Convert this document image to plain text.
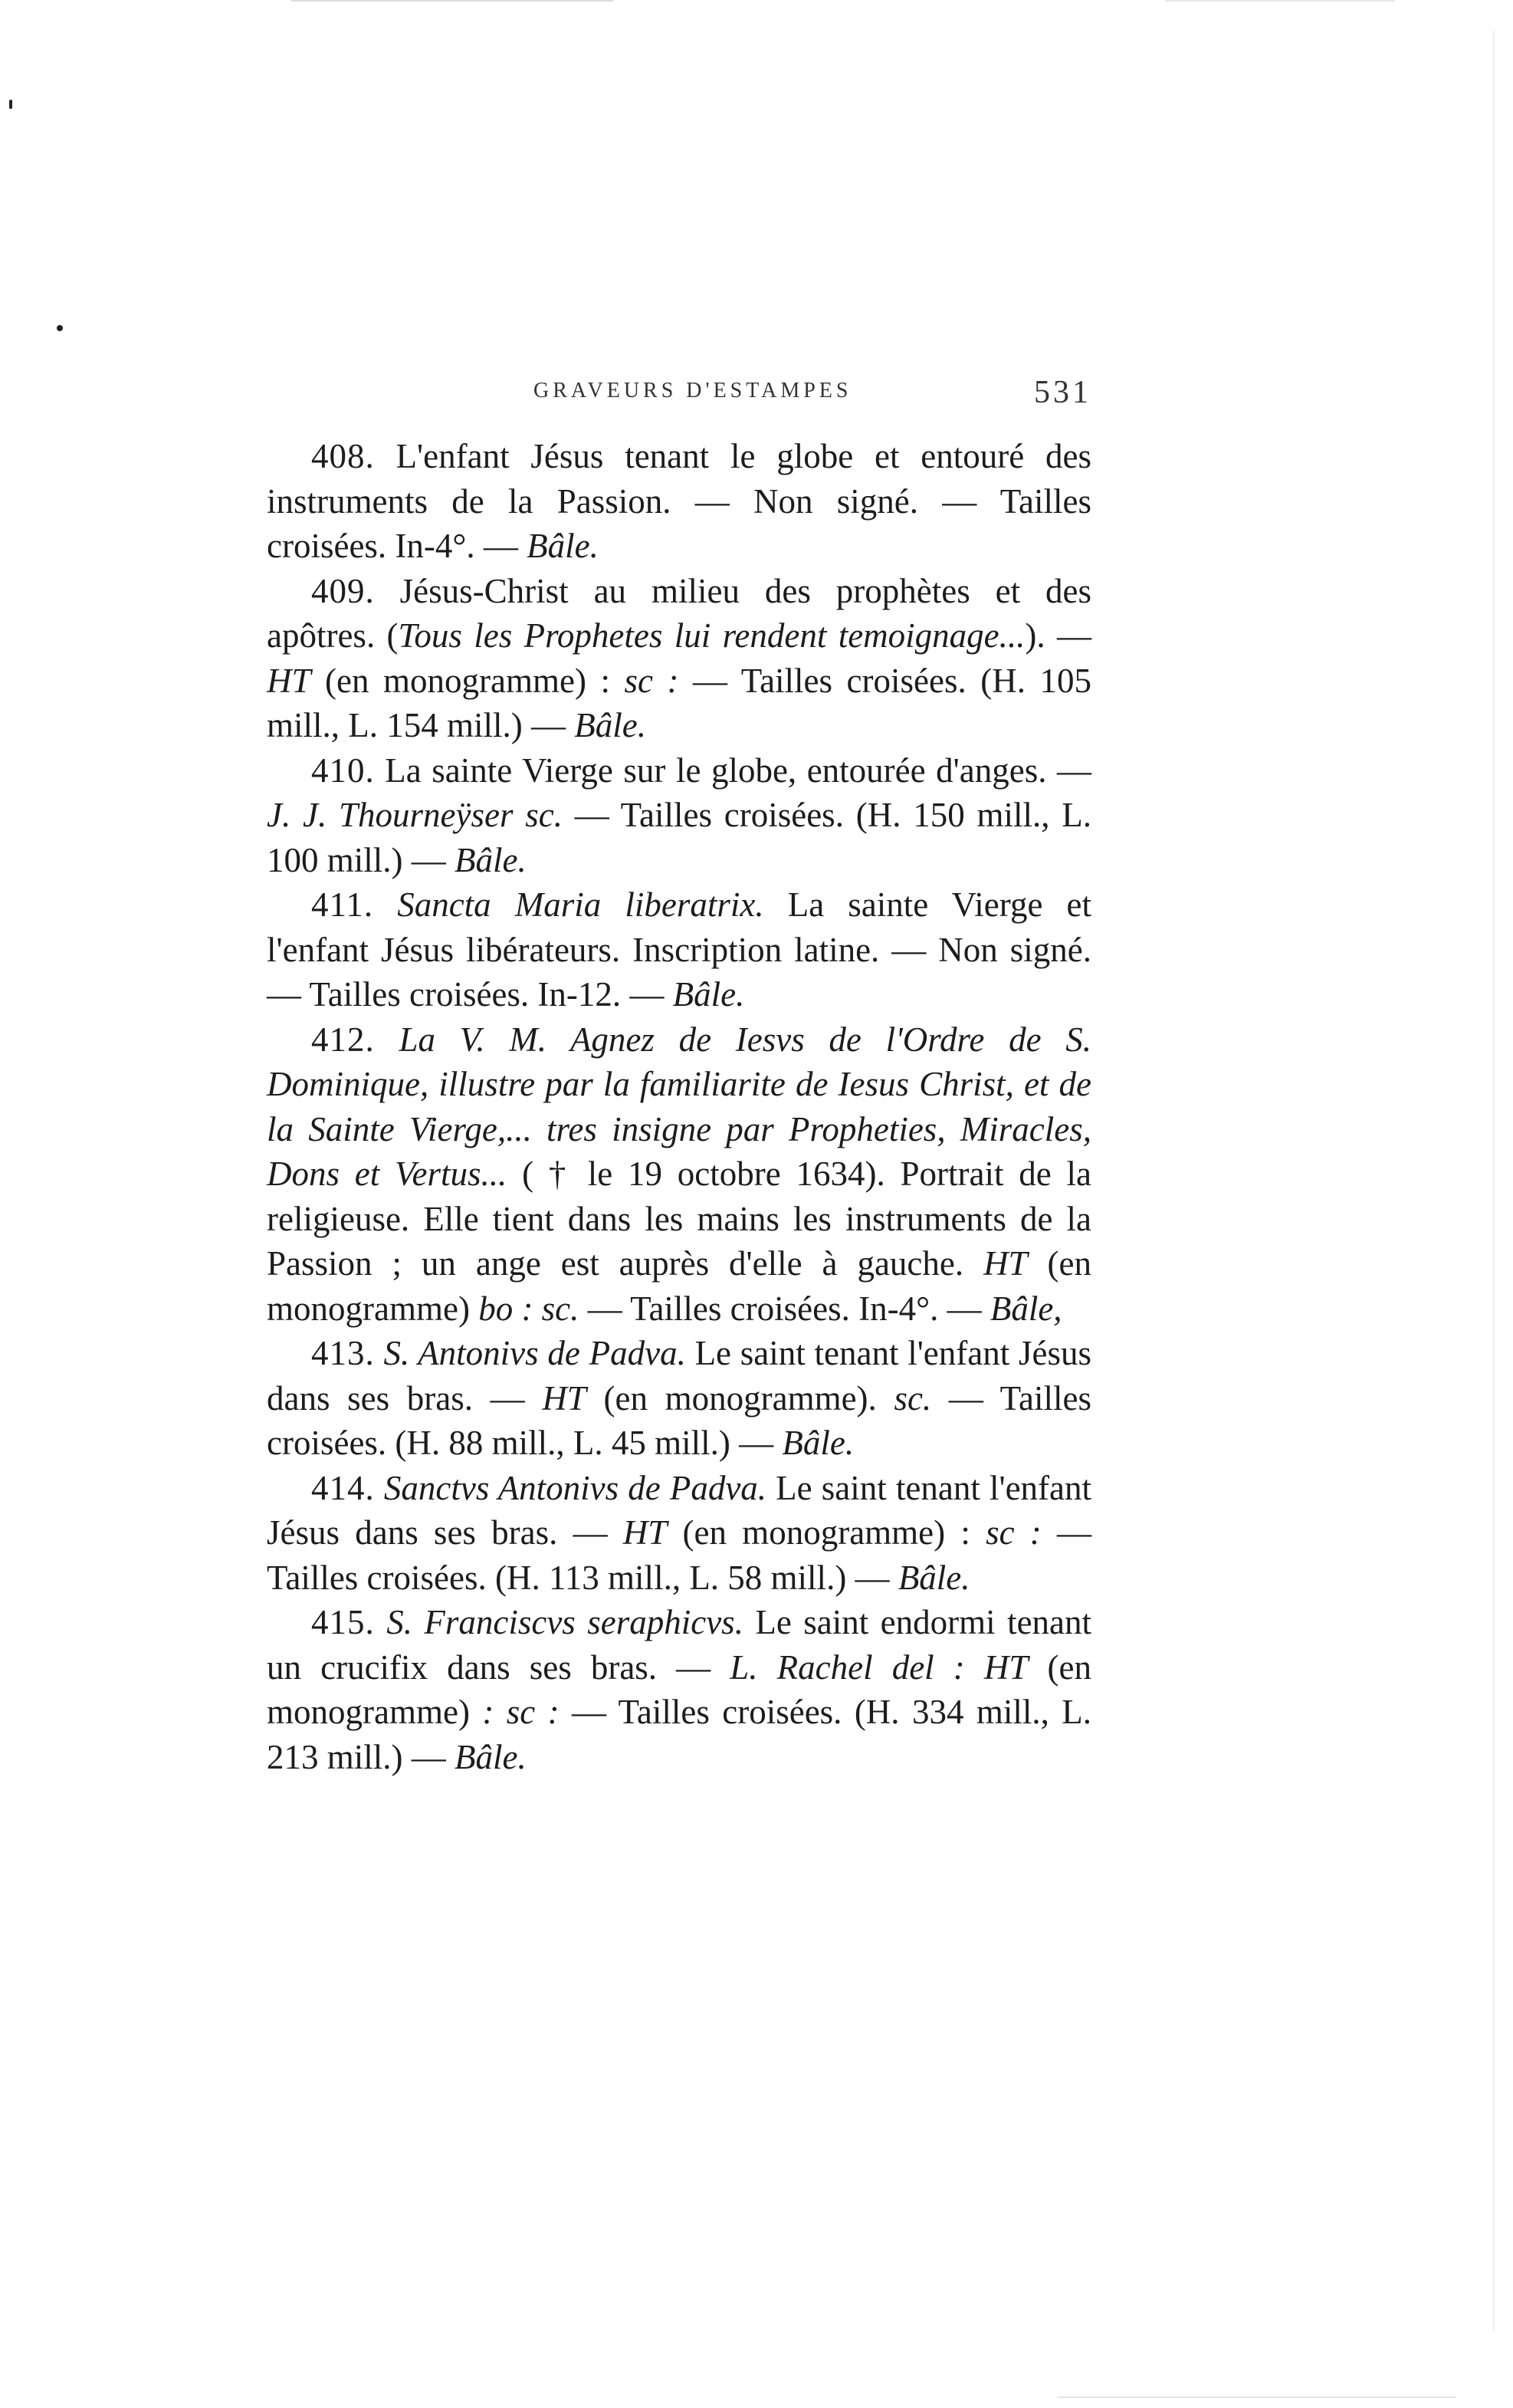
GRAVEURS D'ESTAMPES	531

408. L'enfant Jésus tenant le globe et entouré des instruments de la Passion. — Non signé. — Tailles croisées. In-4°. — Bâle.

409. Jésus-Christ au milieu des prophètes et des apôtres. (Tous les Prophetes lui rendent temoignage...). — HT (en monogramme) : sc : — Tailles croisées. (H. 105 mill., L. 154 mill.) — Bâle.

410. La sainte Vierge sur le globe, entourée d'anges. — J. J. Thourneÿser sc. — Tailles croisées. (H. 150 mill., L. 100 mill.) — Bâle.

411. Sancta Maria liberatrix. La sainte Vierge et l'enfant Jésus libérateurs. Inscription latine. — Non signé. — Tailles croisées. In-12. — Bâle.

412. La V. M. Agnez de Iesvs de l'Ordre de S. Dominique, illustre par la familiarite de Iesus Christ, et de la Sainte Vierge,... tres insigne par Propheties, Miracles, Dons et Vertus... ( † le 19 octobre 1634). Portrait de la religieuse. Elle tient dans les mains les instruments de la Passion ; un ange est auprès d'elle à gauche. HT (en monogramme) bo : sc. — Tailles croisées. In-4°. — Bâle,

413. S. Antonivs de Padva. Le saint tenant l'enfant Jésus dans ses bras. — HT (en monogramme). sc. — Tailles croisées. (H. 88 mill., L. 45 mill.) — Bâle.

414. Sanctvs Antonivs de Padva. Le saint tenant l'enfant Jésus dans ses bras. — HT (en monogramme) : sc : — Tailles croisées. (H. 113 mill., L. 58 mill.) — Bâle.

415. S. Franciscvs seraphicvs. Le saint endormi tenant un crucifix dans ses bras. — L. Rachel del : HT (en monogramme) : sc : — Tailles croisées. (H. 334 mill., L. 213 mill.) — Bâle.
